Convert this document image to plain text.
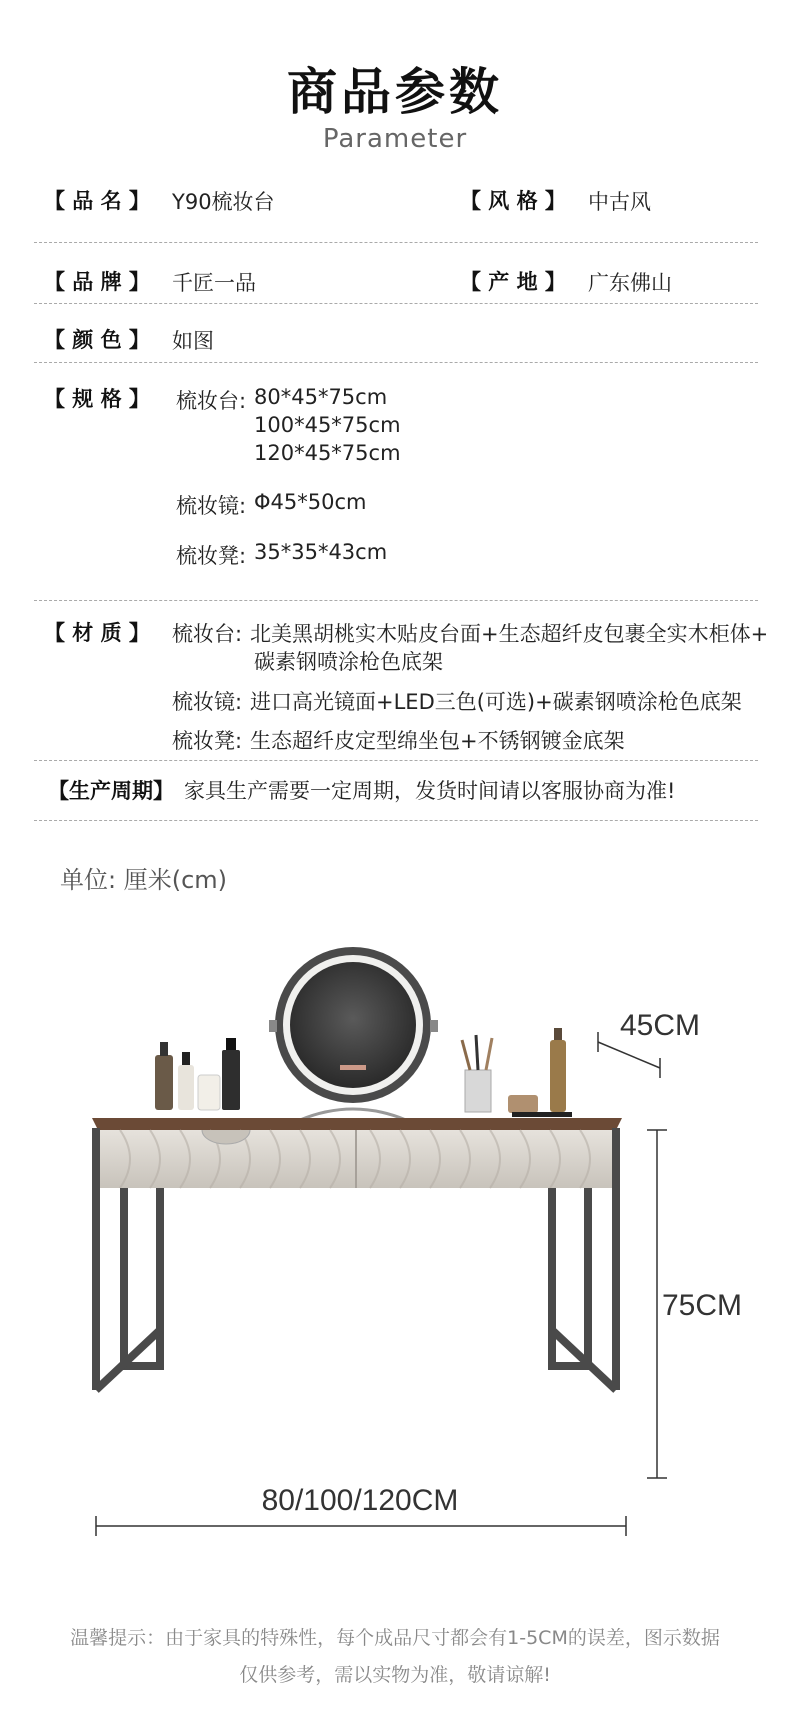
商品参数
Parameter
【 品 名 】 Y90梳妆台	【 风 格 】 中古风
【 品 牌 】 千匠一品	【 产 地 】 广东佛山
【 颜 色 】 如图
【 规 格 】 梳妆台: 80*45*75cm
100*45*75cm
120*45*75cm
梳妆镜: Φ45*50cm
梳妆凳: 35*35*43cm
【 材 质 】 梳妆台: 北美黑胡桃实木贴皮台面+生态超纤皮包裹全实木柜体+
碳素钢喷涂枪色底架
梳妆镜: 进口高光镜面+LED三色(可选)+碳素钢喷涂枪色底架
梳妆凳: 生态超纤皮定型绵坐包+不锈钢镀金底架
【生产周期】 家具生产需要一定周期，发货时间请以客服协商为准!
单位: 厘米(cm)
45CM
75CM
80/100/120CM
温馨提示：由于家具的特殊性，每个成品尺寸都会有1-5CM的误差，图示数据
仅供参考，需以实物为准，敬请谅解!
